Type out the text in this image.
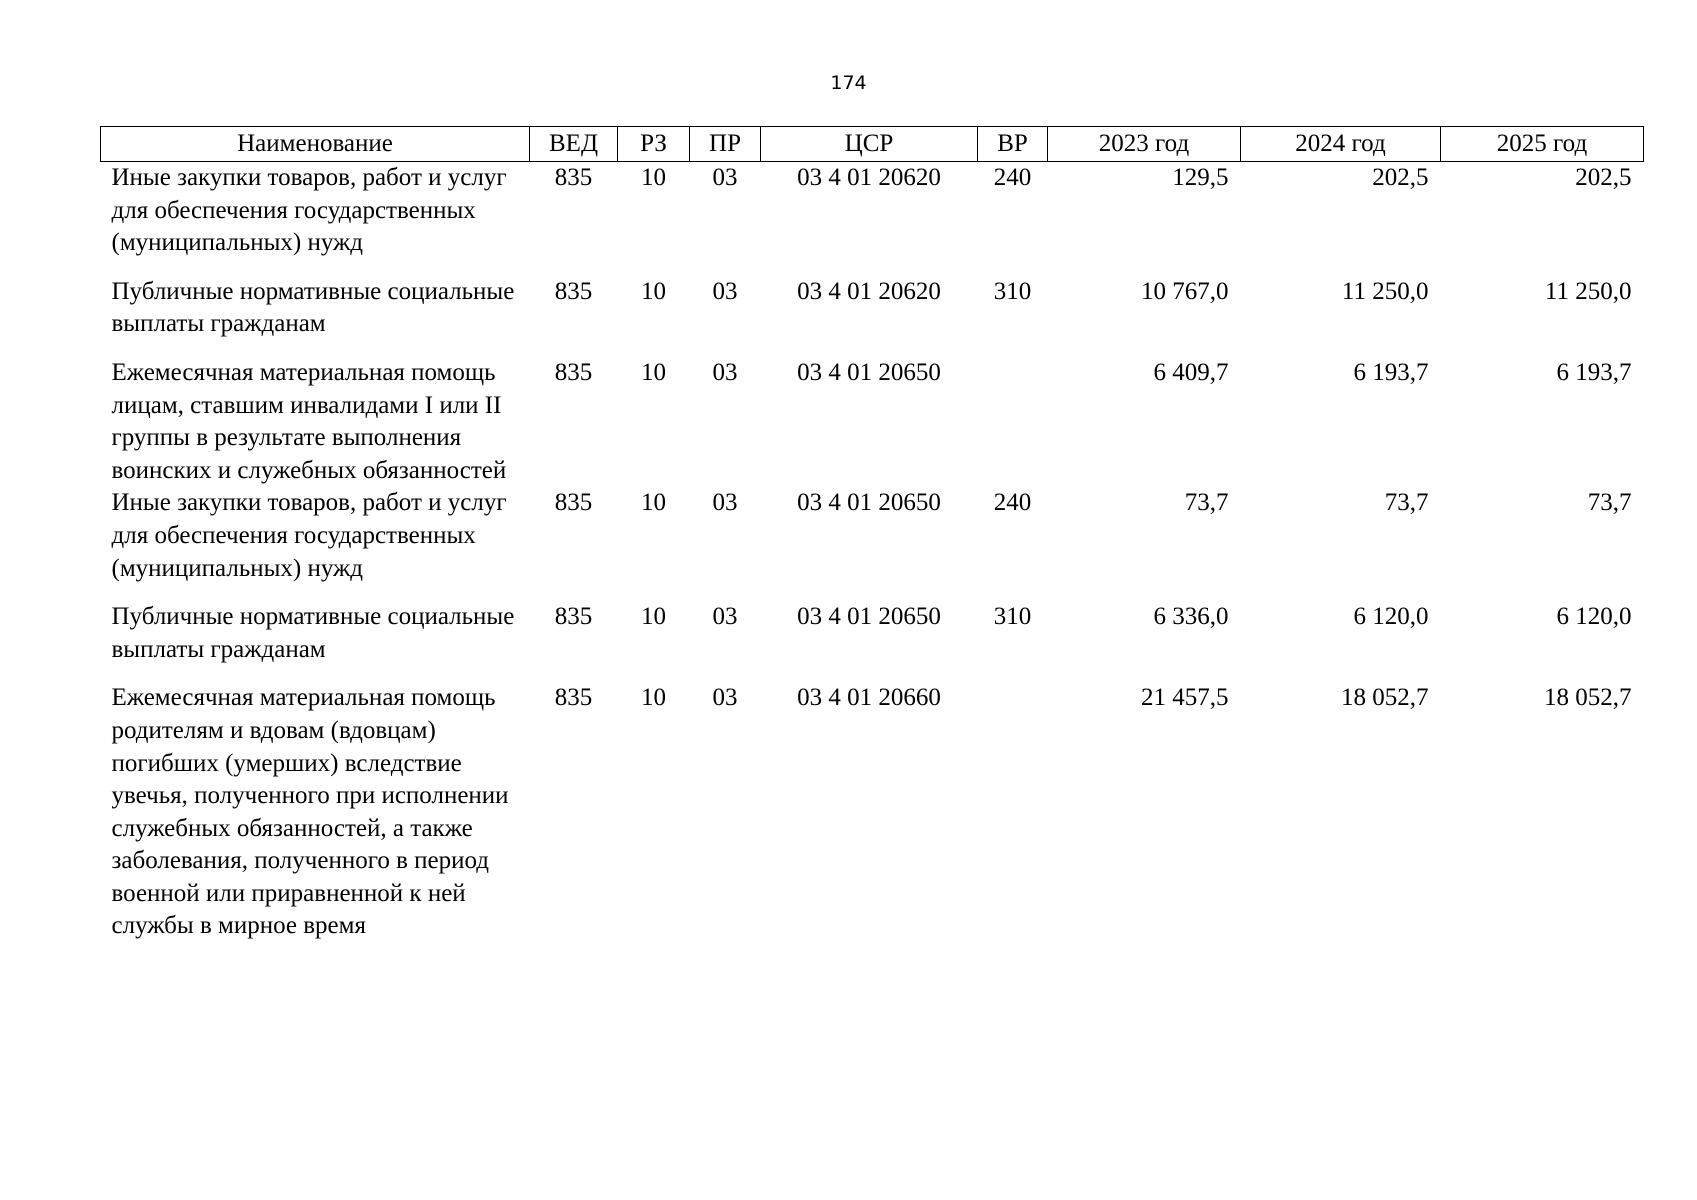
174
Наименование	ВЕД	РЗ	ПР	ЦСР	ВР	2023 год	2024 год	2025 год
Иные закупки товаров, работ и услуг для обеспечения государственных (муниципальных) нужд	835	10	03	03 4 01 20620	240	129,5	202,5	202,5
Публичные нормативные социальные выплаты гражданам	835	10	03	03 4 01 20620	310	10 767,0	11 250,0	11 250,0
Ежемесячная материальная помощь лицам, ставшим инвалидами I или II группы в результате выполнения воинских и служебных обязанностей	835	10	03	03 4 01 20650		6 409,7	6 193,7	6 193,7
Иные закупки товаров, работ и услуг для обеспечения государственных (муниципальных) нужд	835	10	03	03 4 01 20650	240	73,7	73,7	73,7
Публичные нормативные социальные выплаты гражданам	835	10	03	03 4 01 20650	310	6 336,0	6 120,0	6 120,0
Ежемесячная материальная помощь родителям и вдовам (вдовцам) погибших (умерших) вследствие увечья, полученного при исполнении служебных обязанностей, а также заболевания, полученного в период военной или приравненной к ней службы в мирное время	835	10	03	03 4 01 20660		21 457,5	18 052,7	18 052,7
